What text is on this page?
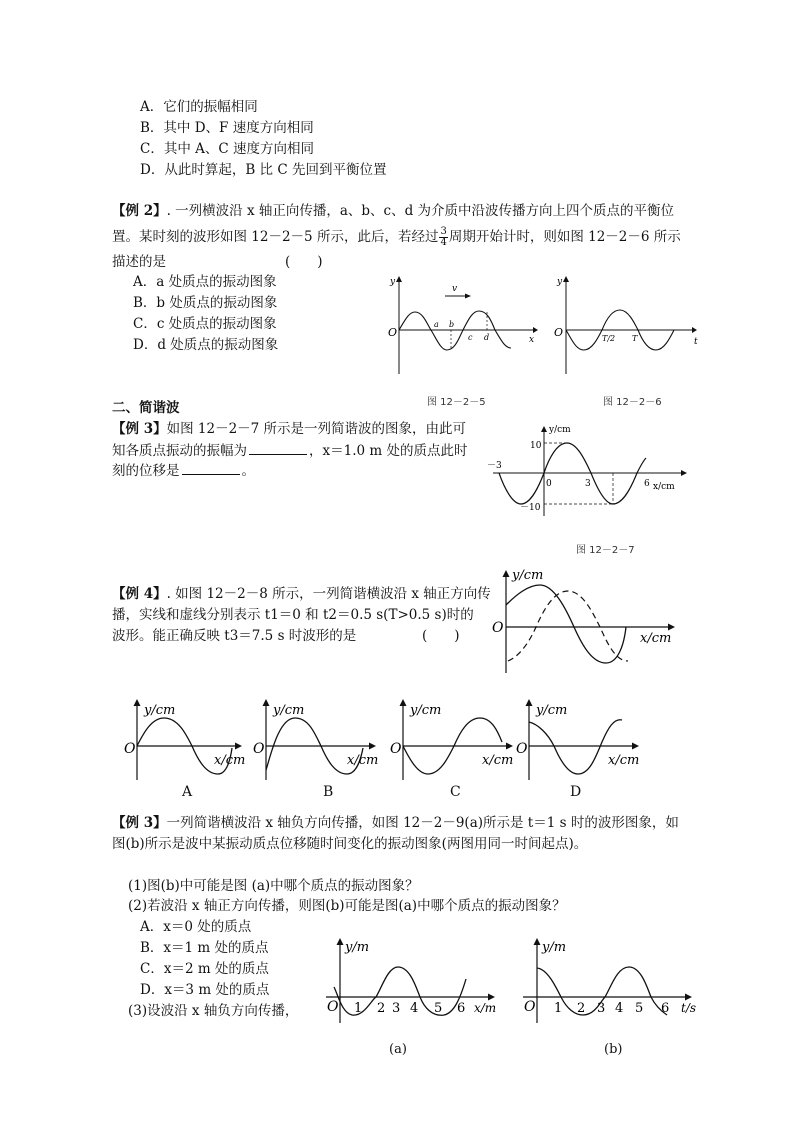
A．它们的振幅相同
B．其中 D、F 速度方向相同
C．其中 A、C 速度方向相同
D．从此时算起，B 比 C 先回到平衡位置
【例 2】. 一列横波沿 x 轴正向传播，a、b、c、d 为介质中沿波传播方向上四个质点的平衡位
置。某时刻的波形如图 12－2－5 所示，此后，若经过 $\frac{3}{4}$ 周期开始计时，则如图 12－2－6 所示
描述的是	(　　)
A．a 处质点的振动图象
B．b 处质点的振动图象
C．c 处质点的振动图象
D．d 处质点的振动图象
y
O
x
v
a b
c d
图 12－2－5
y
O
t
T/2 T
图 12－2－6
二、简谐波
【例 3】如图 12－2－7 所示是一列简谐波的图象，由此可
知各质点振动的振幅为	，x＝1.0 m 处的质点此时
刻的位移是	。
y/cm
x/cm
10
－10
－3
0	3	6
图 12－2－7
【例 4】. 如图 12－2－8 所示，一列简谐横波沿 x 轴正方向传
播，实线和虚线分别表示 t1＝0 和 t2＝0.5 s(T>0.5 s)时的
波形。能正确反映 t3＝7.5 s 时波形的是	(　　)
y/cm
O
x/cm
y/cm
O
x/cm
A
y/cm
O
x/cm
B
y/cm
O
x/cm
C
y/cm
O
x/cm
D
【例 3】一列简谐横波沿 x 轴负方向传播，如图 12－2－9(a)所示是 t＝1 s 时的波形图象，如
图(b)所示是波中某振动质点位移随时间变化的振动图象(两图用同一时间起点)。
(1)图(b)中可能是图 (a)中哪个质点的振动图象？
(2)若波沿 x 轴正方向传播，则图(b)可能是图(a)中哪个质点的振动图象？
A．x＝0 处的质点
B．x＝1 m 处的质点
C．x＝2 m 处的质点
D．x＝3 m 处的质点
(3)设波沿 x 轴负方向传播，
y/m
O 1 2 3 4 5 6 x/m
(a)
y/m
O 1 2 3 4 5 6 t/s
(b)
